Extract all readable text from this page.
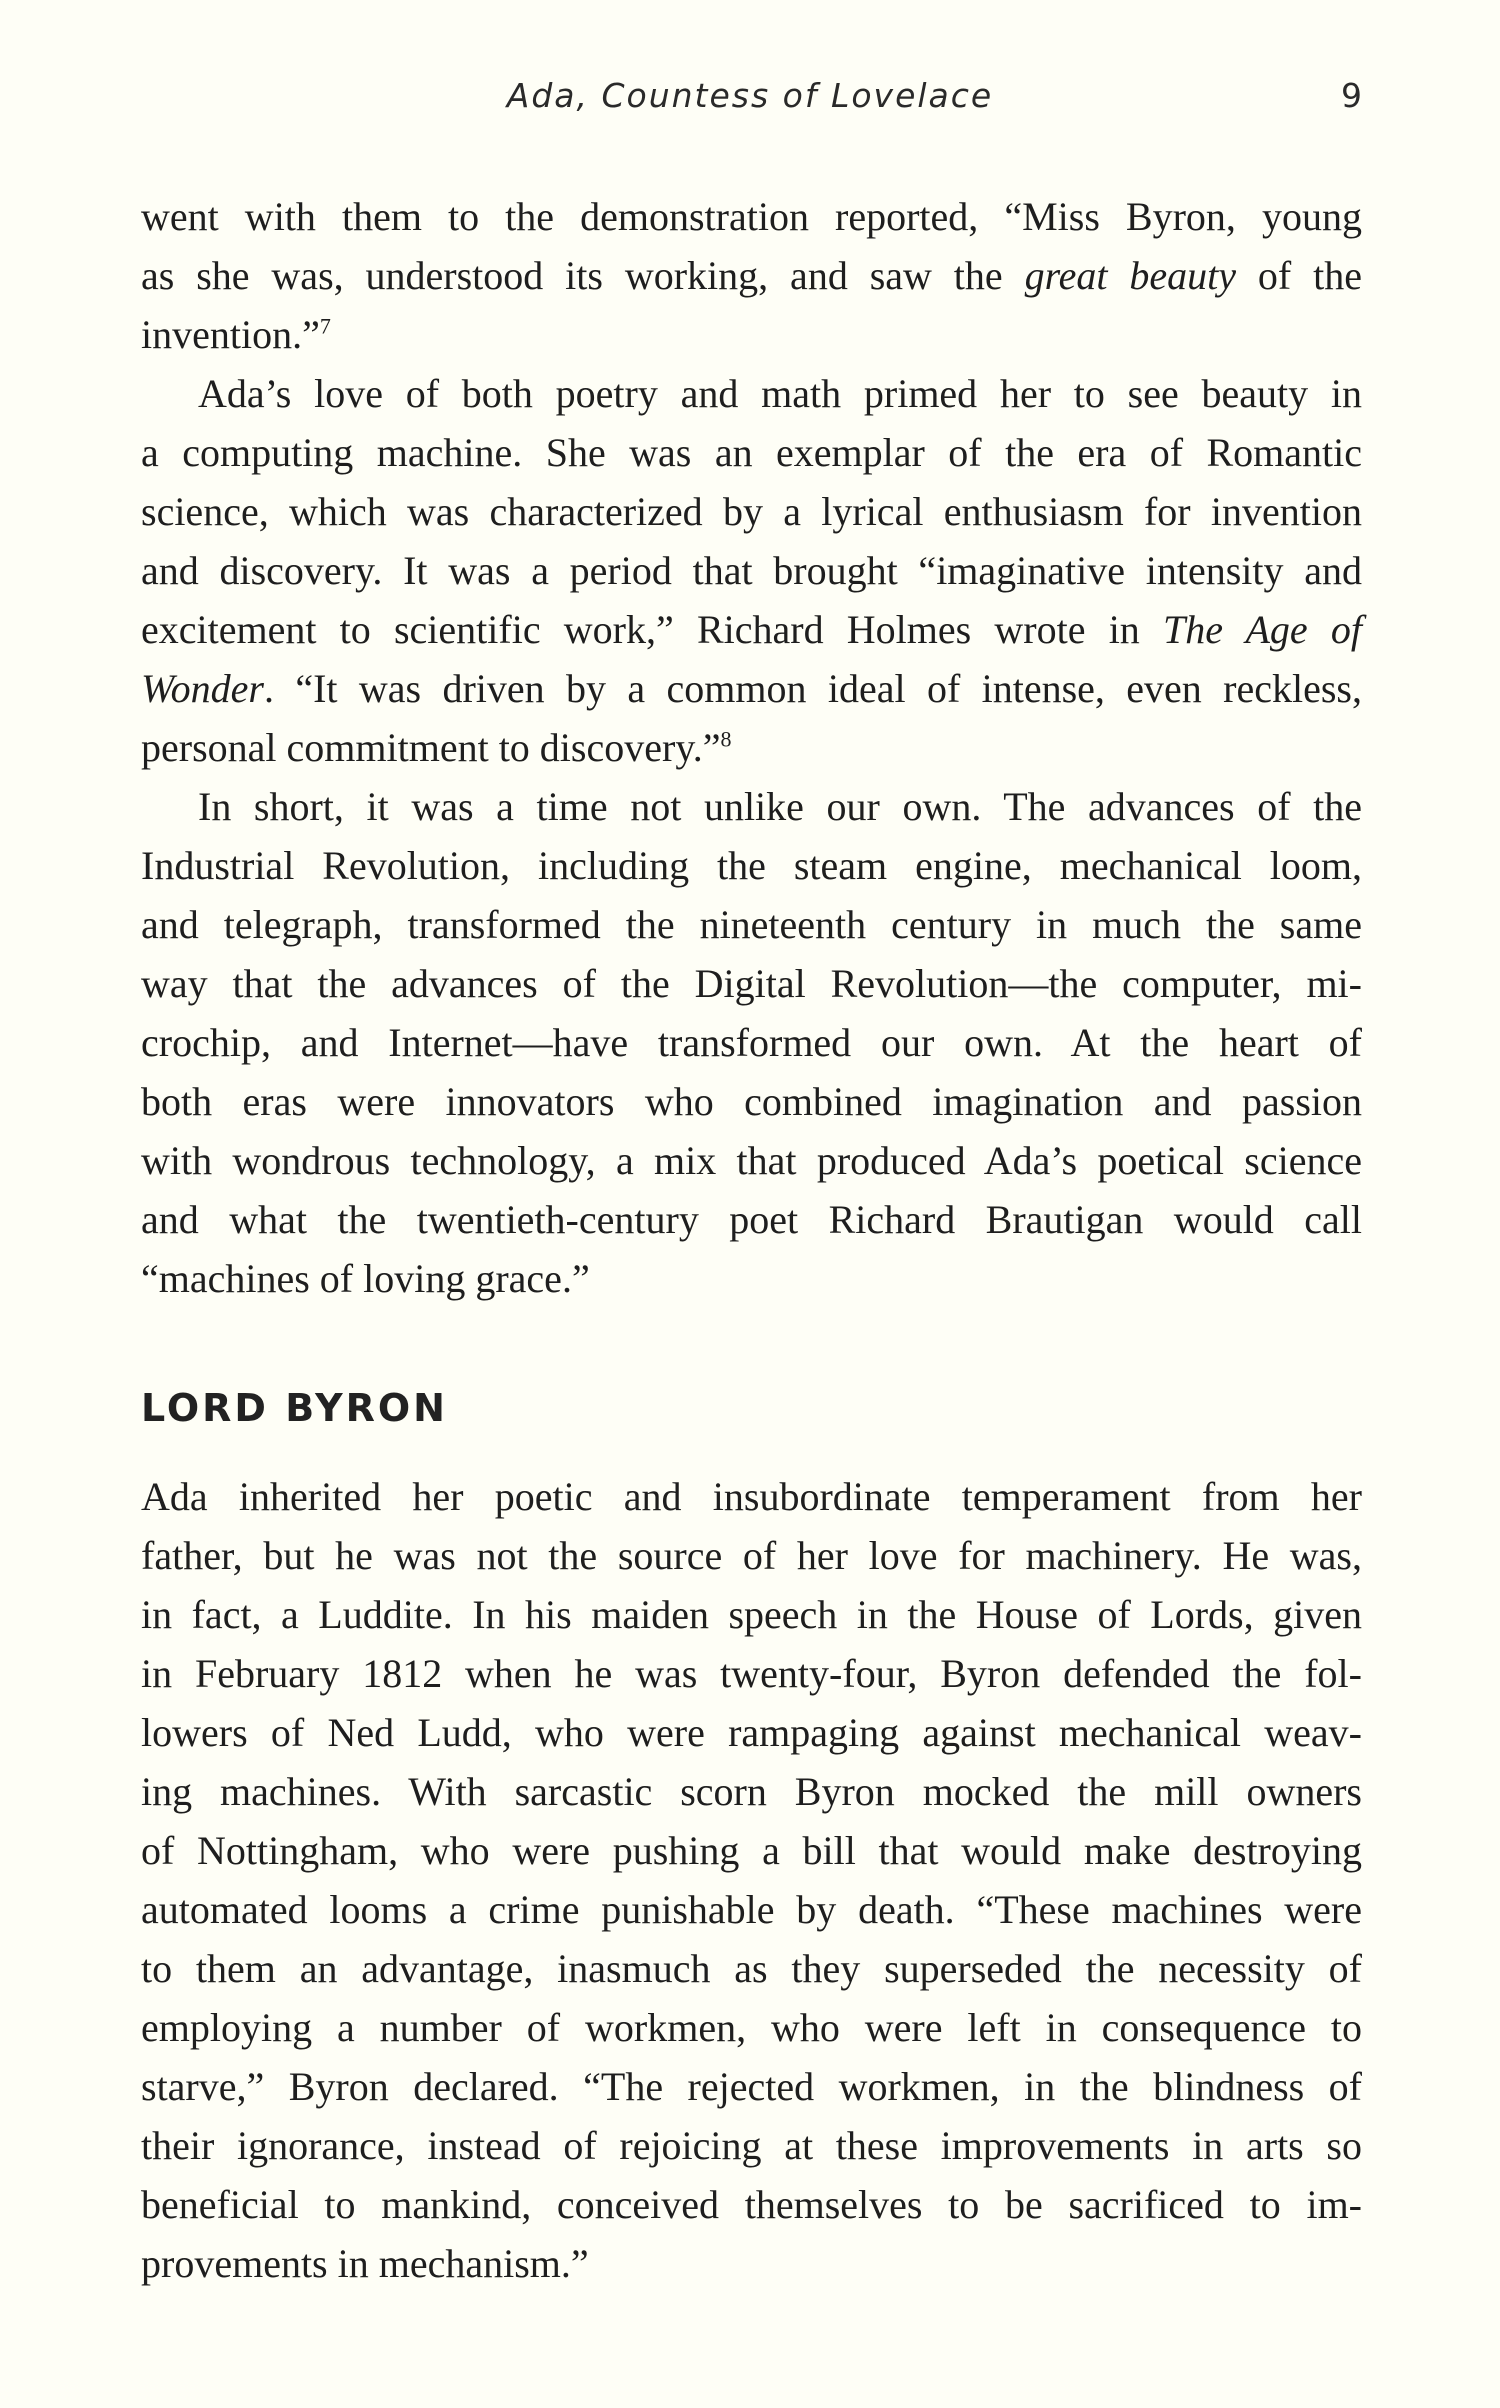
Ada, Countess of Lovelace	9
went with them to the demonstration reported, “Miss Byron, young
as she was, understood its working, and saw the great beauty of the
invention.”$^7$
Ada’s love of both poetry and math primed her to see beauty in
a computing machine. She was an exemplar of the era of Romantic
science, which was characterized by a lyrical enthusiasm for invention
and discovery. It was a period that brought “imaginative intensity and
excitement to scientific work,” Richard Holmes wrote in The Age of
Wonder. “It was driven by a common ideal of intense, even reckless,
personal commitment to discovery.”$^8$
In short, it was a time not unlike our own. The advances of the
Industrial Revolution, including the steam engine, mechanical loom,
and telegraph, transformed the nineteenth century in much the same
way that the advances of the Digital Revolution—the computer, mi-
crochip, and Internet—have transformed our own. At the heart of
both eras were innovators who combined imagination and passion
with wondrous technology, a mix that produced Ada’s poetical science
and what the twentieth-century poet Richard Brautigan would call
“machines of loving grace.”
LORD BYRON
Ada inherited her poetic and insubordinate temperament from her
father, but he was not the source of her love for machinery. He was,
in fact, a Luddite. In his maiden speech in the House of Lords, given
in February 1812 when he was twenty-four, Byron defended the fol-
lowers of Ned Ludd, who were rampaging against mechanical weav-
ing machines. With sarcastic scorn Byron mocked the mill owners
of Nottingham, who were pushing a bill that would make destroying
automated looms a crime punishable by death. “These machines were
to them an advantage, inasmuch as they superseded the necessity of
employing a number of workmen, who were left in consequence to
starve,” Byron declared. “The rejected workmen, in the blindness of
their ignorance, instead of rejoicing at these improvements in arts so
beneficial to mankind, conceived themselves to be sacrificed to im-
provements in mechanism.”
